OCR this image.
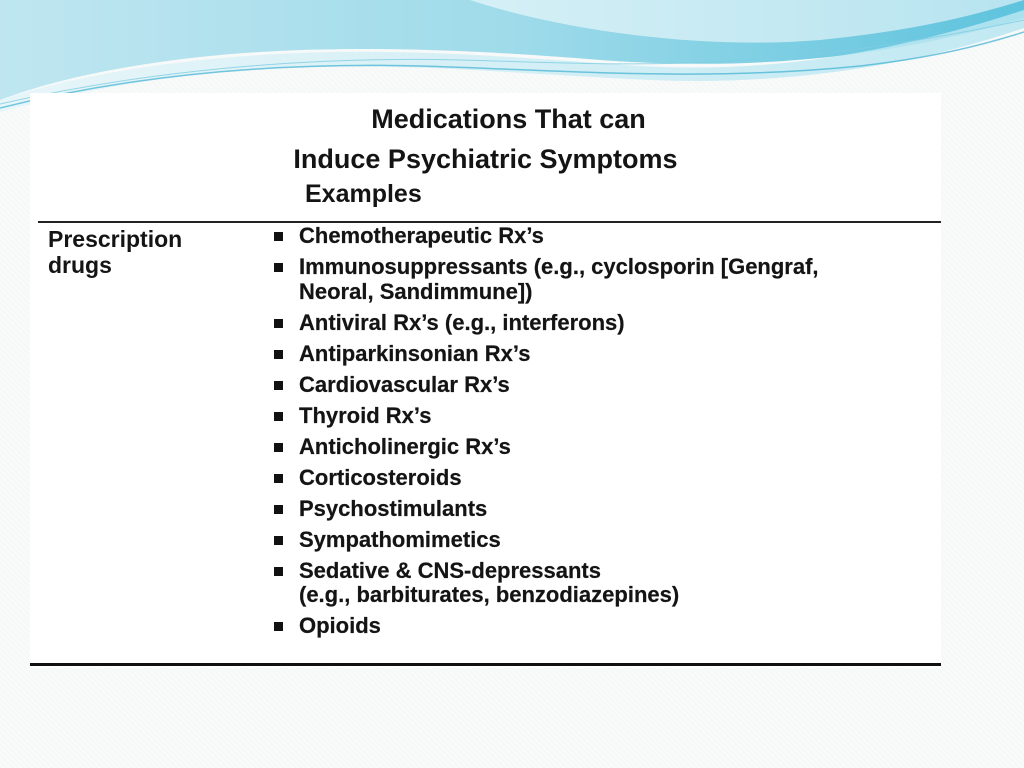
Medications That can

Induce Psychiatric Symptoms

Examples
Prescription
drugs
Chemotherapeutic Rx’s
Immunosuppressants (e.g., cyclosporin [Gengraf,
Neoral, Sandimmune])
Antiviral Rx’s (e.g., interferons)
Antiparkinsonian Rx’s
Cardiovascular Rx’s
Thyroid Rx’s
Anticholinergic Rx’s
Corticosteroids
Psychostimulants
Sympathomimetics
Sedative & CNS-depressants
(e.g., barbiturates, benzodiazepines)
Opioids
